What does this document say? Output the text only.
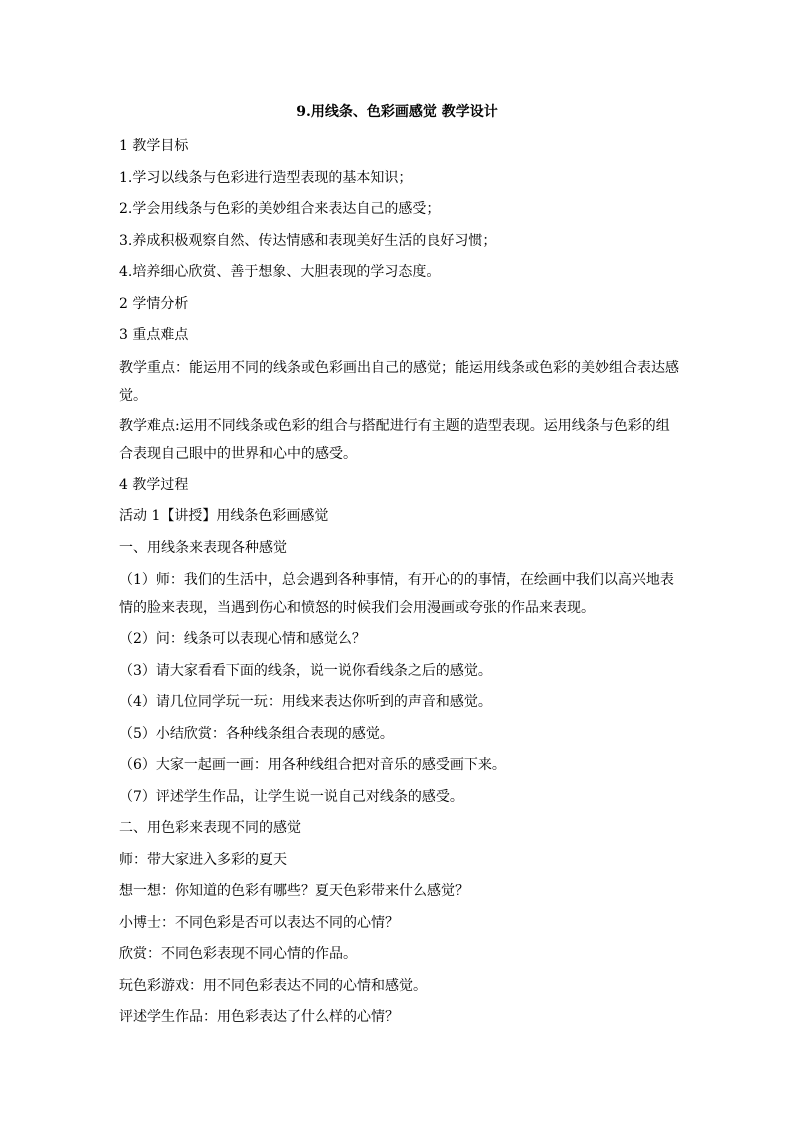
9.用线条、色彩画感觉 教学设计

1 教学目标

1.学习以线条与色彩进行造型表现的基本知识；

2.学会用线条与色彩的美妙组合来表达自己的感受；

3.养成积极观察自然、传达情感和表现美好生活的良好习惯；

4.培养细心欣赏、善于想象、大胆表现的学习态度。

2 学情分析

3 重点难点

教学重点：能运用不同的线条或色彩画出自己的感觉；能运用线条或色彩的美妙组合表达感觉。

教学难点:运用不同线条或色彩的组合与搭配进行有主题的造型表现。运用线条与色彩的组合表现自己眼中的世界和心中的感受。

4 教学过程

活动 1【讲授】用线条色彩画感觉

一、用线条来表现各种感觉

（1）师：我们的生活中，总会遇到各种事情，有开心的的事情，在绘画中我们以高兴地表情的脸来表现，当遇到伤心和愤怒的时候我们会用漫画或夸张的作品来表现。

（2）问：线条可以表现心情和感觉么？

（3）请大家看看下面的线条，说一说你看线条之后的感觉。

（4）请几位同学玩一玩：用线来表达你听到的声音和感觉。

（5）小结欣赏：各种线条组合表现的感觉。

（6）大家一起画一画：用各种线组合把对音乐的感受画下来。

（7）评述学生作品，让学生说一说自己对线条的感受。

二、用色彩来表现不同的感觉

师：带大家进入多彩的夏天

想一想：你知道的色彩有哪些？夏天色彩带来什么感觉？

小博士：不同色彩是否可以表达不同的心情？

欣赏：不同色彩表现不同心情的作品。

玩色彩游戏：用不同色彩表达不同的心情和感觉。

评述学生作品：用色彩表达了什么样的心情？
